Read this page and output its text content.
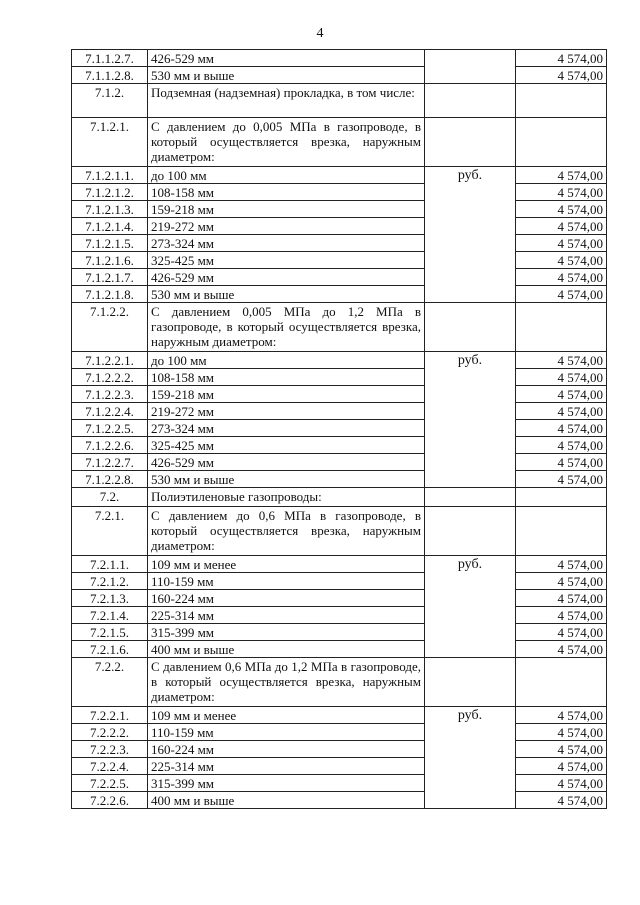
4
7.1.1.2.7.	426-529 мм		4 574,00
7.1.1.2.8.	530 мм и выше		4 574,00
7.1.2.	Подземная (надземная) прокладка, в том числе:		
7.1.2.1.	С давлением до 0,005 МПа в газопроводе, в который осуществляется врезка, наружным диаметром:		
7.1.2.1.1.	до 100 мм	руб.	4 574,00
7.1.2.1.2.	108-158 мм		4 574,00
7.1.2.1.3.	159-218 мм		4 574,00
7.1.2.1.4.	219-272 мм		4 574,00
7.1.2.1.5.	273-324 мм		4 574,00
7.1.2.1.6.	325-425 мм		4 574,00
7.1.2.1.7.	426-529 мм		4 574,00
7.1.2.1.8.	530 мм и выше		4 574,00
7.1.2.2.	С давлением 0,005 МПа до 1,2 МПа в газопроводе, в который осуществляется врезка, наружным диаметром:		
7.1.2.2.1.	до 100 мм	руб.	4 574,00
7.1.2.2.2.	108-158 мм		4 574,00
7.1.2.2.3.	159-218 мм		4 574,00
7.1.2.2.4.	219-272 мм		4 574,00
7.1.2.2.5.	273-324 мм		4 574,00
7.1.2.2.6.	325-425 мм		4 574,00
7.1.2.2.7.	426-529 мм		4 574,00
7.1.2.2.8.	530 мм и выше		4 574,00
7.2.	Полиэтиленовые газопроводы:		
7.2.1.	С давлением до 0,6 МПа в газопроводе, в который осуществляется врезка, наружным диаметром:		
7.2.1.1.	109 мм и менее	руб.	4 574,00
7.2.1.2.	110-159 мм		4 574,00
7.2.1.3.	160-224 мм		4 574,00
7.2.1.4.	225-314 мм		4 574,00
7.2.1.5.	315-399 мм		4 574,00
7.2.1.6.	400 мм и выше		4 574,00
7.2.2.	С давлением 0,6 МПа до 1,2 МПа в газопроводе, в который осуществляется врезка, наружным диаметром:		
7.2.2.1.	109 мм и менее	руб.	4 574,00
7.2.2.2.	110-159 мм		4 574,00
7.2.2.3.	160-224 мм		4 574,00
7.2.2.4.	225-314 мм		4 574,00
7.2.2.5.	315-399 мм		4 574,00
7.2.2.6.	400 мм и выше		4 574,00
